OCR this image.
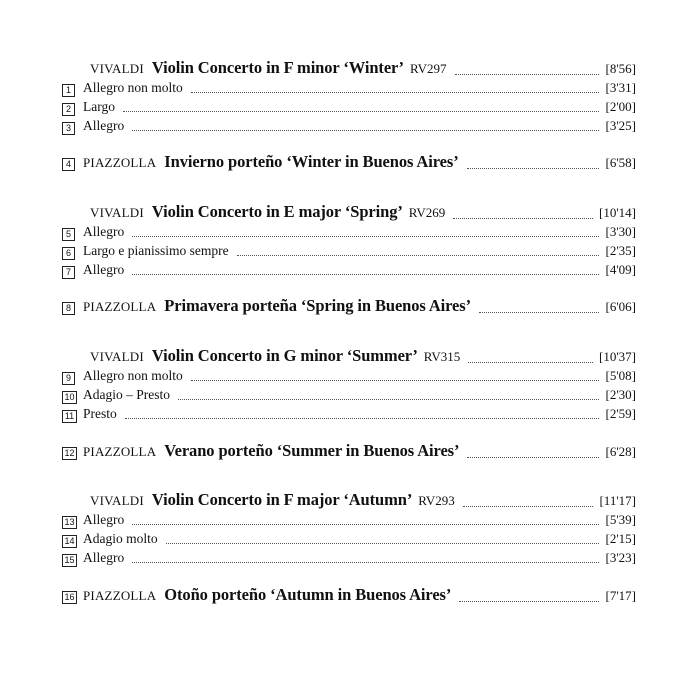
VIVALDI Violin Concerto in F minor ‘Winter’ RV297	[8'56]
1 Allegro non molto	[3'31]
2 Largo	[2'00]
3 Allegro	[3'25]
4 PIAZZOLLA Invierno porteño ‘Winter in Buenos Aires’	[6'58]
VIVALDI Violin Concerto in E major ‘Spring’ RV269	[10'14]
5 Allegro	[3'30]
6 Largo e pianissimo sempre	[2'35]
7 Allegro	[4'09]
8 PIAZZOLLA Primavera porteña ‘Spring in Buenos Aires’	[6'06]
VIVALDI Violin Concerto in G minor ‘Summer’ RV315	[10'37]
9 Allegro non molto	[5'08]
10 Adagio – Presto	[2'30]
11 Presto	[2'59]
12 PIAZZOLLA Verano porteño ‘Summer in Buenos Aires’	[6'28]
VIVALDI Violin Concerto in F major ‘Autumn’ RV293	[11'17]
13 Allegro	[5'39]
14 Adagio molto	[2'15]
15 Allegro	[3'23]
16 PIAZZOLLA Otoño porteño ‘Autumn in Buenos Aires’	[7'17]
